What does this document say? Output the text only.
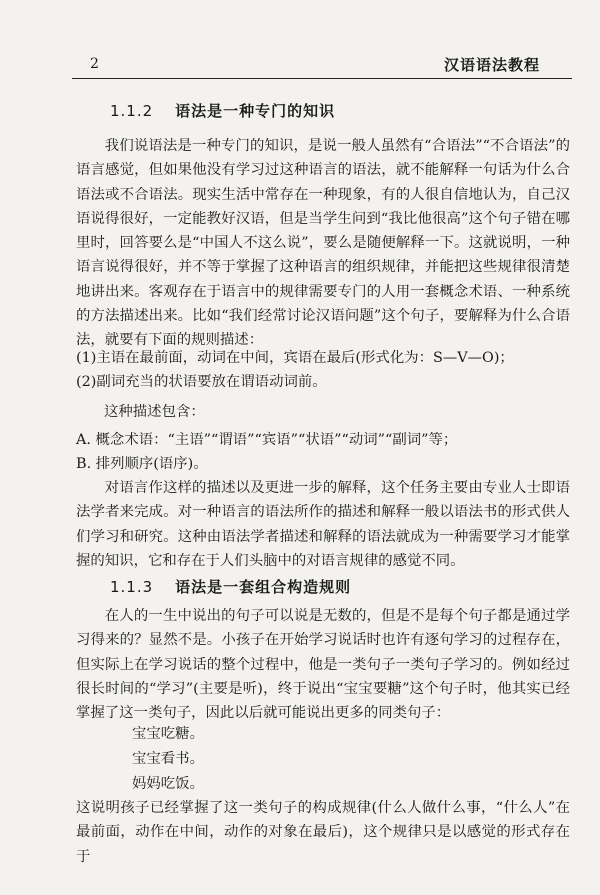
2	汉语语法教程
1.1.2 语法是一种专门的知识
我们说语法是一种专门的知识，是说一般人虽然有“合语法”“不合语法”的语言感觉，但如果他没有学习过这种语言的语法，就不能解释一句话为什么合语法或不合语法。现实生活中常存在一种现象，有的人很自信地认为，自己汉语说得很好，一定能教好汉语，但是当学生问到“我比他很高”这个句子错在哪里时，回答要么是“中国人不这么说”，要么是随便解释一下。这就说明，一种语言说得很好，并不等于掌握了这种语言的组织规律，并能把这些规律很清楚地讲出来。客观存在于语言中的规律需要专门的人用一套概念术语、一种系统的方法描述出来。比如“我们经常讨论汉语问题”这个句子，要解释为什么合语法，就要有下面的规则描述：
(1)主语在最前面，动词在中间，宾语在最后(形式化为：S—V—O)；
(2)副词充当的状语要放在谓语动词前。
这种描述包含：
A. 概念术语：“主语”“谓语”“宾语”“状语”“动词”“副词”等；
B. 排列顺序(语序)。
对语言作这样的描述以及更进一步的解释，这个任务主要由专业人士即语法学者来完成。对一种语言的语法所作的描述和解释一般以语法书的形式供人们学习和研究。这种由语法学者描述和解释的语法就成为一种需要学习才能掌握的知识，它和存在于人们头脑中的对语言规律的感觉不同。
1.1.3 语法是一套组合构造规则
在人的一生中说出的句子可以说是无数的，但是不是每个句子都是通过学习得来的？显然不是。小孩子在开始学习说话时也许有逐句学习的过程存在，但实际上在学习说话的整个过程中，他是一类句子一类句子学习的。例如经过很长时间的“学习”(主要是听)，终于说出“宝宝要糖”这个句子时，他其实已经掌握了这一类句子，因此以后就可能说出更多的同类句子：
宝宝吃糖。
宝宝看书。
妈妈吃饭。
这说明孩子已经掌握了这一类句子的构成规律(什么人做什么事，“什么人”在最前面，动作在中间，动作的对象在最后)，这个规律只是以感觉的形式存在于
